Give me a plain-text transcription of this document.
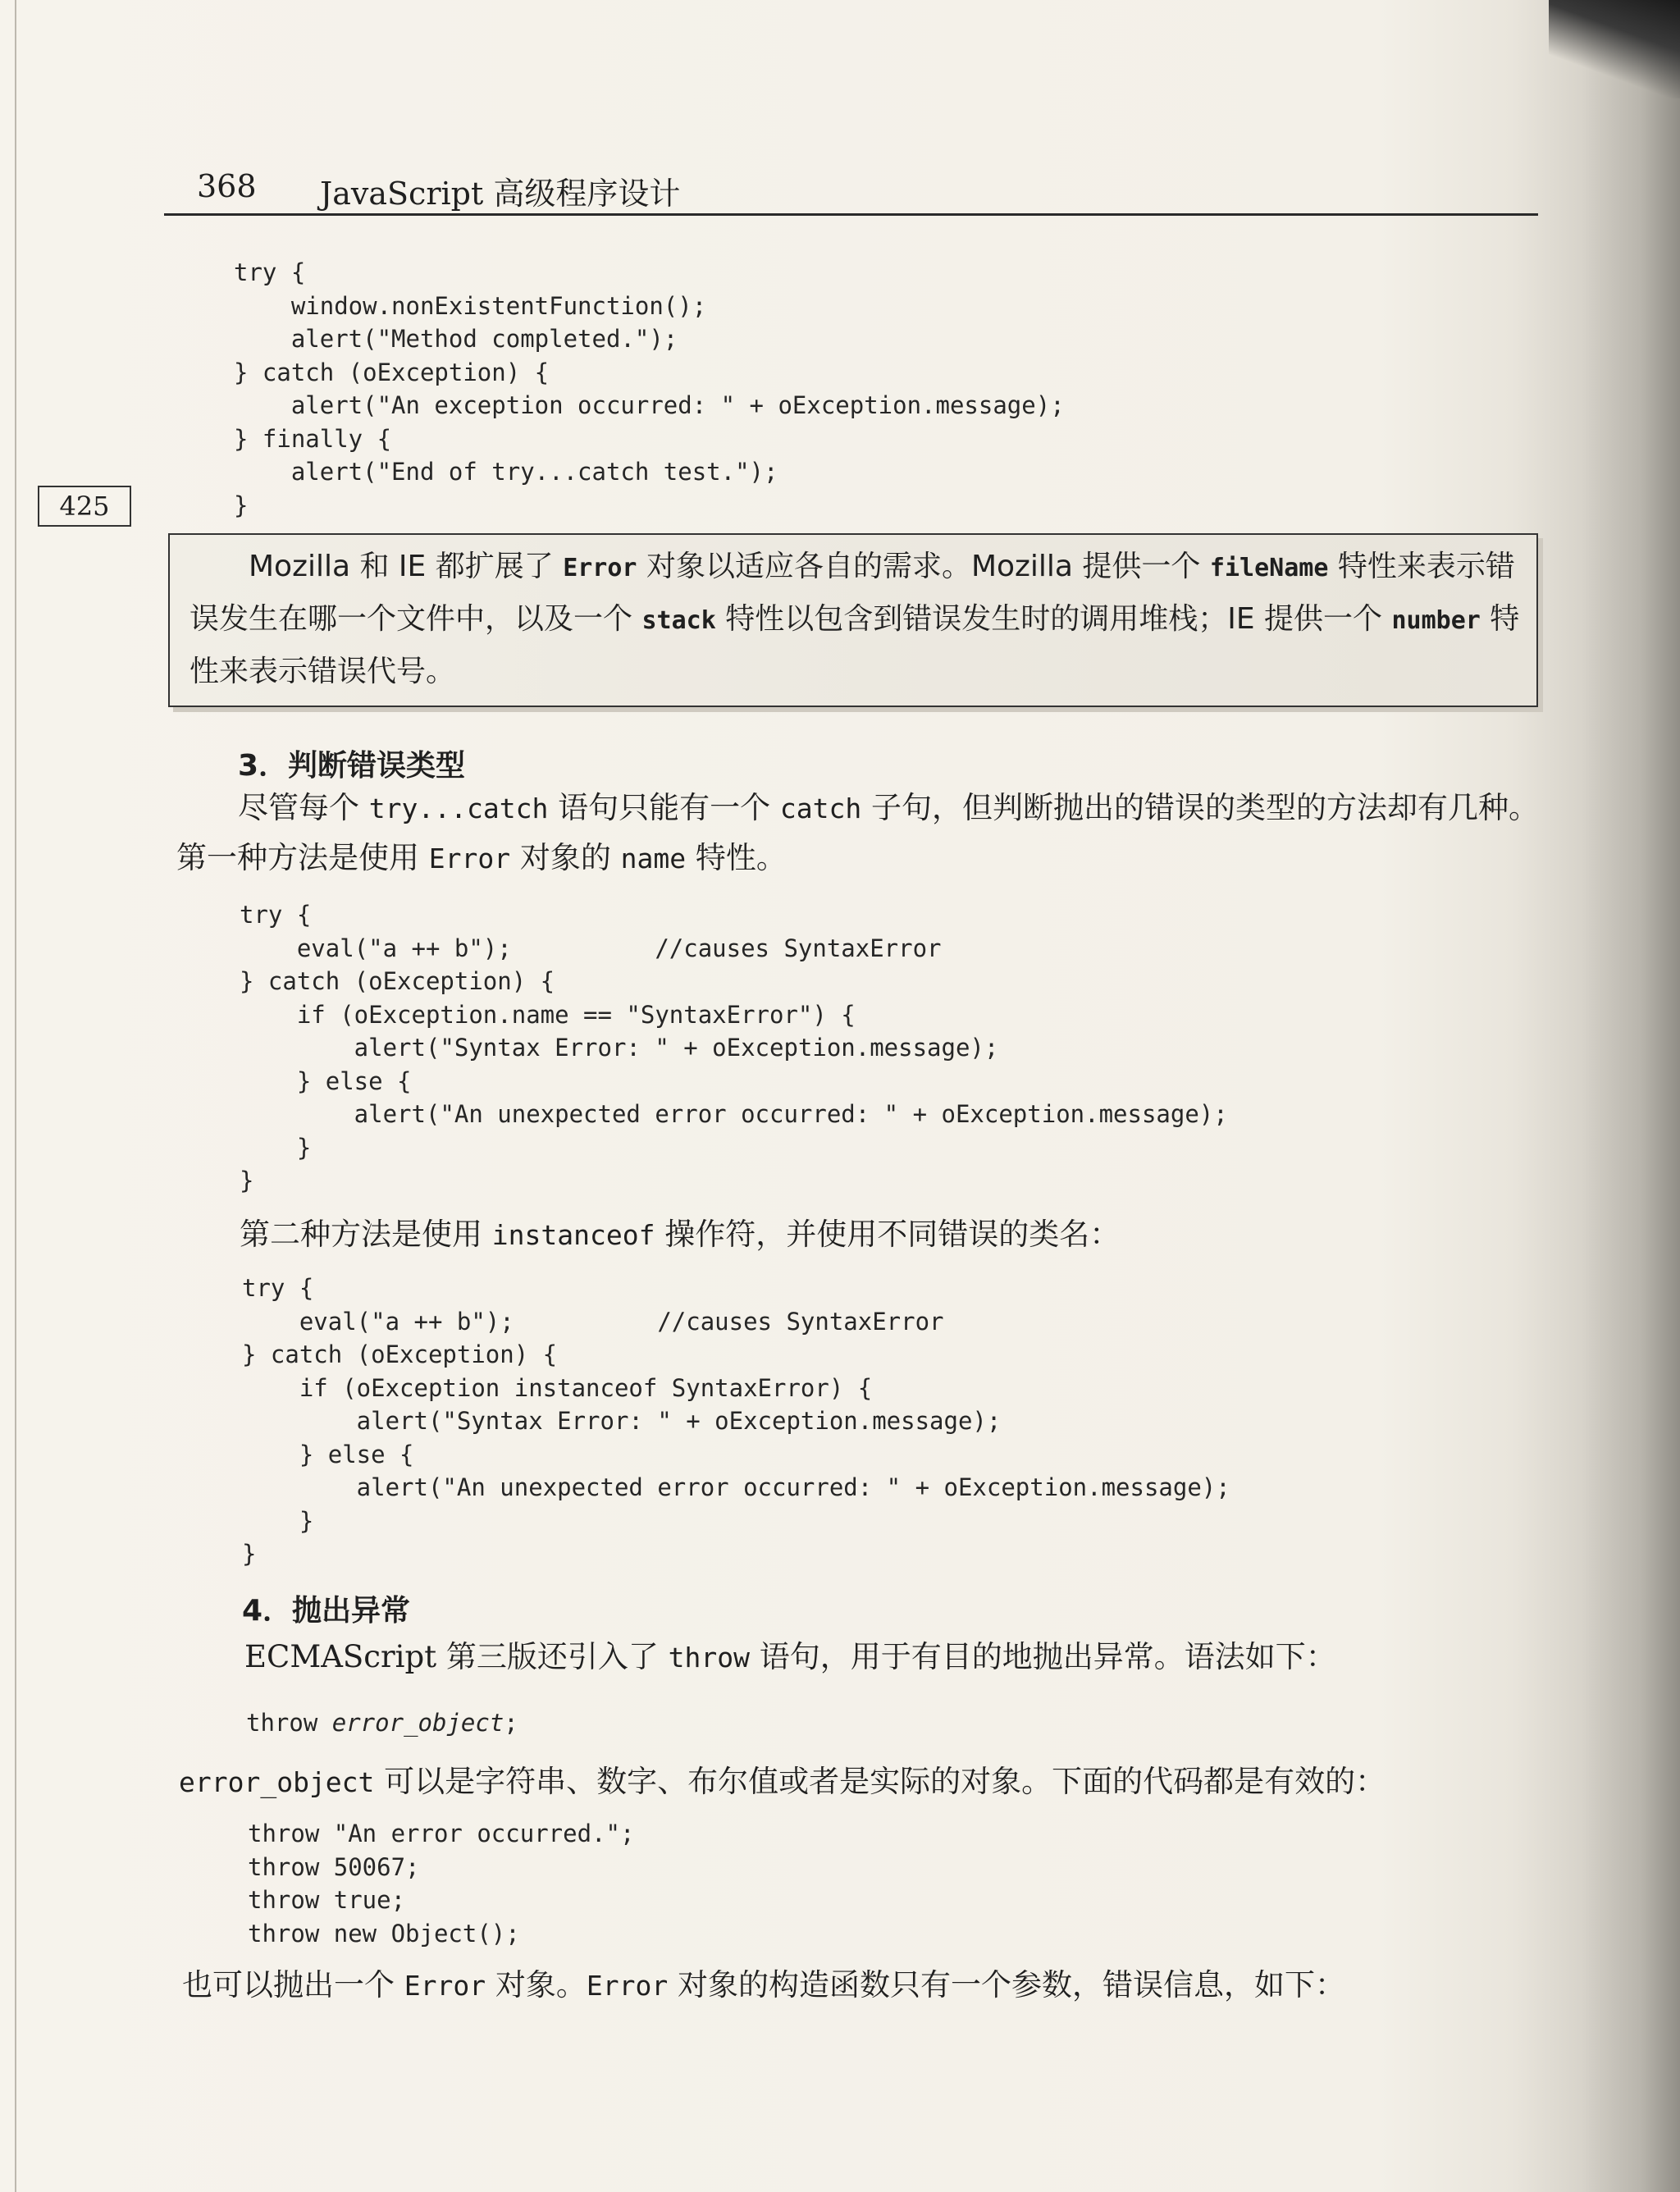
368 JavaScript 高级程序设计
try {
window.nonExistentFunction();
alert("Method completed.");
} catch (oException) {
alert("An exception occurred: " + oException.message);
} finally {
alert("End of try...catch test.");
}
425
Mozilla 和 IE 都扩展了 Error 对象以适应各自的需求。Mozilla 提供一个 fileName 特性来表示错误发生在哪一个文件中，以及一个 stack 特性以包含到错误发生时的调用堆栈；IE 提供一个 number 特性来表示错误代号。
3．判断错误类型

尽管每个 try...catch 语句只能有一个 catch 子句，但判断抛出的错误的类型的方法却有几种。第一种方法是使用 Error 对象的 name 特性。

try {
eval("a ++ b");          //causes SyntaxError
} catch (oException) {
if (oException.name == "SyntaxError") {
alert("Syntax Error: " + oException.message);
} else {
alert("An unexpected error occurred: " + oException.message);
}
}

第二种方法是使用 instanceof 操作符，并使用不同错误的类名：

try {
eval("a ++ b");          //causes SyntaxError
} catch (oException) {
if (oException instanceof SyntaxError) {
alert("Syntax Error: " + oException.message);
} else {
alert("An unexpected error occurred: " + oException.message);
}
}
4．抛出异常

ECMAScript 第三版还引入了 throw 语句，用于有目的地抛出异常。语法如下：

throw error_object;

error_object 可以是字符串、数字、布尔值或者是实际的对象。下面的代码都是有效的：

throw "An error occurred.";
throw 50067;
throw true;
throw new Object();

也可以抛出一个 Error 对象。Error 对象的构造函数只有一个参数，错误信息，如下：
